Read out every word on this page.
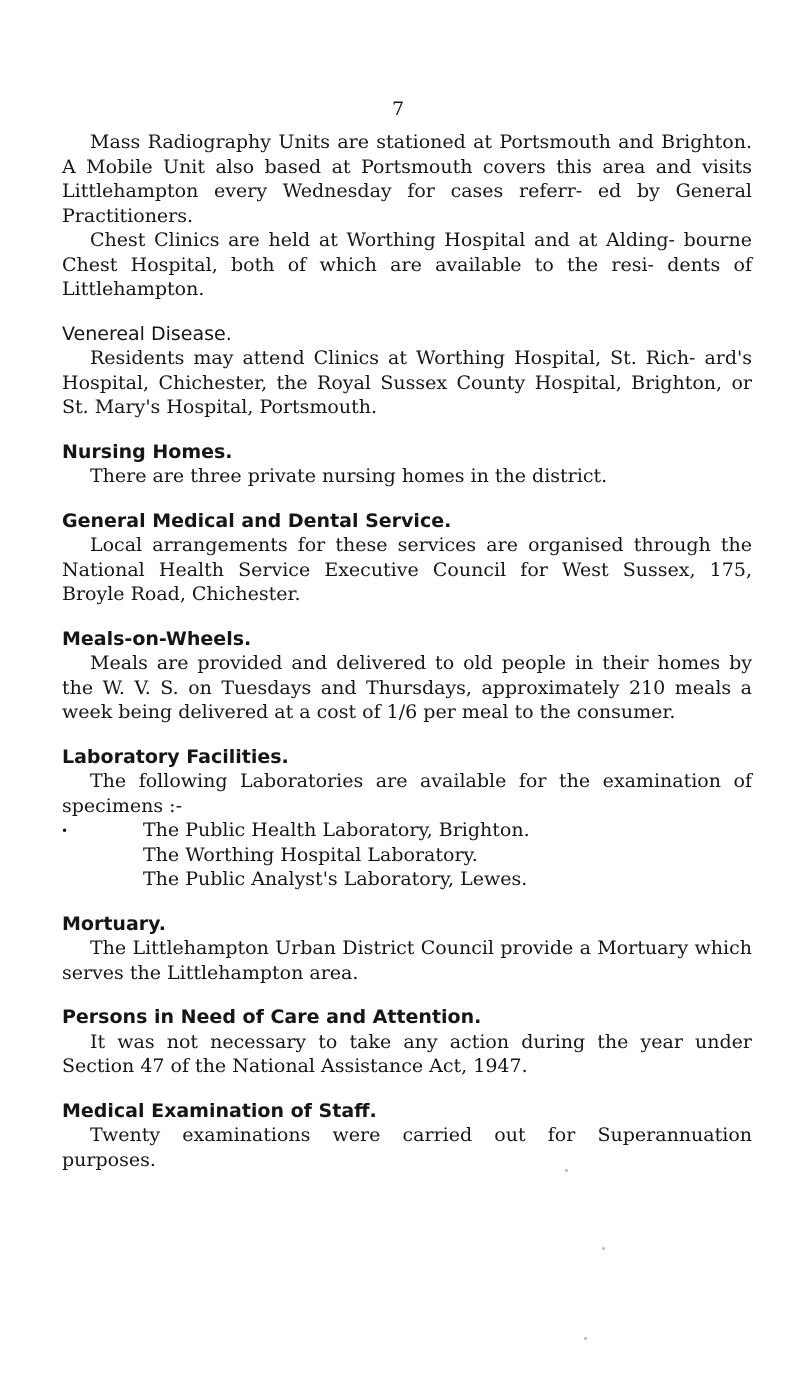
7

Mass Radiography Units are stationed at Portsmouth and Brighton. A Mobile Unit also based at Portsmouth covers this area and visits Littlehampton every Wednesday for cases referr- ed by General Practitioners.

Chest Clinics are held at Worthing Hospital and at Alding- bourne Chest Hospital, both of which are available to the resi- dents of Littlehampton.

Venereal Disease.

Residents may attend Clinics at Worthing Hospital, St. Rich- ard's Hospital, Chichester, the Royal Sussex County Hospital, Brighton, or St. Mary's Hospital, Portsmouth.

Nursing Homes.

There are three private nursing homes in the district.

General Medical and Dental Service.

Local arrangements for these services are organised through the National Health Service Executive Council for West Sussex, 175, Broyle Road, Chichester.

Meals-on-Wheels.

Meals are provided and delivered to old people in their homes by the W. V. S. on Tuesdays and Thursdays, approximately 210 meals a week being delivered at a cost of 1/6 per meal to the consumer.

Laboratory Facilities.

The following Laboratories are available for the examination of specimens :-

The Public Health Laboratory, Brighton.
The Worthing Hospital Laboratory.
The Public Analyst's Laboratory, Lewes.
Mortuary.

The Littlehampton Urban District Council provide a Mortuary which serves the Littlehampton area.

Persons in Need of Care and Attention.

It was not necessary to take any action during the year under Section 47 of the National Assistance Act, 1947.

Medical Examination of Staff.

Twenty examinations were carried out for Superannuation purposes.

•
